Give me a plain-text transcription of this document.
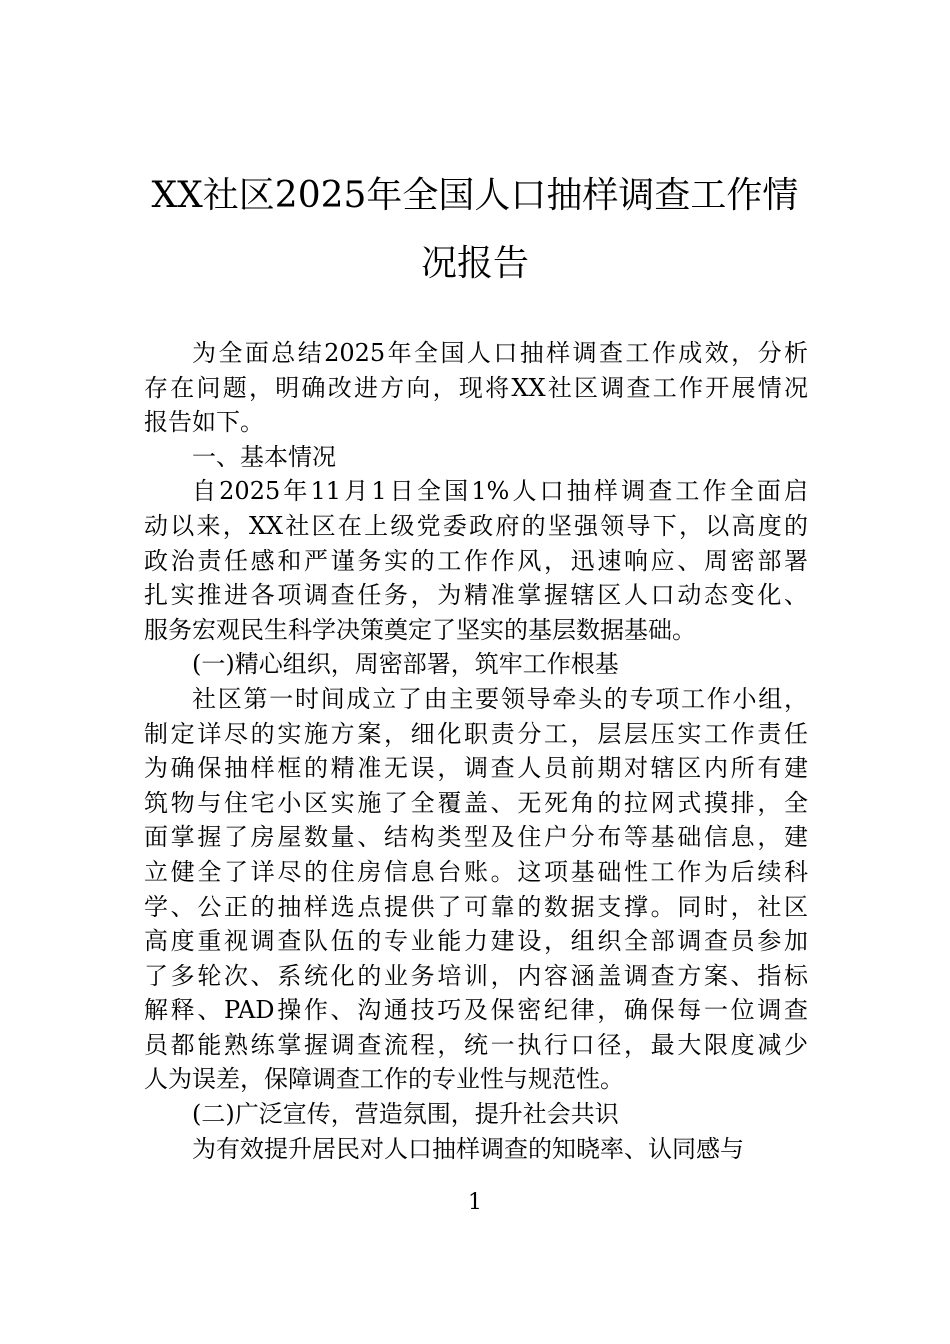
XX社区2025年全国人口抽样调查工作情
况报告
为全面总结2025年全国人口抽样调查工作成效，分析
存在问题，明确改进方向，现将XX社区调查工作开展情况
报告如下。
一、基本情况
自2025年11月1日全国1%人口抽样调查工作全面启
动以来，XX社区在上级党委政府的坚强领导下，以高度的
政治责任感和严谨务实的工作作风，迅速响应、周密部署
扎实推进各项调查任务，为精准掌握辖区人口动态变化、
服务宏观民生科学决策奠定了坚实的基层数据基础。
(一)精心组织，周密部署，筑牢工作根基
社区第一时间成立了由主要领导牵头的专项工作小组，
制定详尽的实施方案，细化职责分工，层层压实工作责任
为确保抽样框的精准无误，调查人员前期对辖区内所有建
筑物与住宅小区实施了全覆盖、无死角的拉网式摸排，全
面掌握了房屋数量、结构类型及住户分布等基础信息，建
立健全了详尽的住房信息台账。这项基础性工作为后续科
学、公正的抽样选点提供了可靠的数据支撑。同时，社区
高度重视调查队伍的专业能力建设，组织全部调查员参加
了多轮次、系统化的业务培训，内容涵盖调查方案、指标
解释、PAD操作、沟通技巧及保密纪律，确保每一位调查
员都能熟练掌握调查流程，统一执行口径，最大限度减少
人为误差，保障调查工作的专业性与规范性。
(二)广泛宣传，营造氛围，提升社会共识
为有效提升居民对人口抽样调查的知晓率、认同感与
1
